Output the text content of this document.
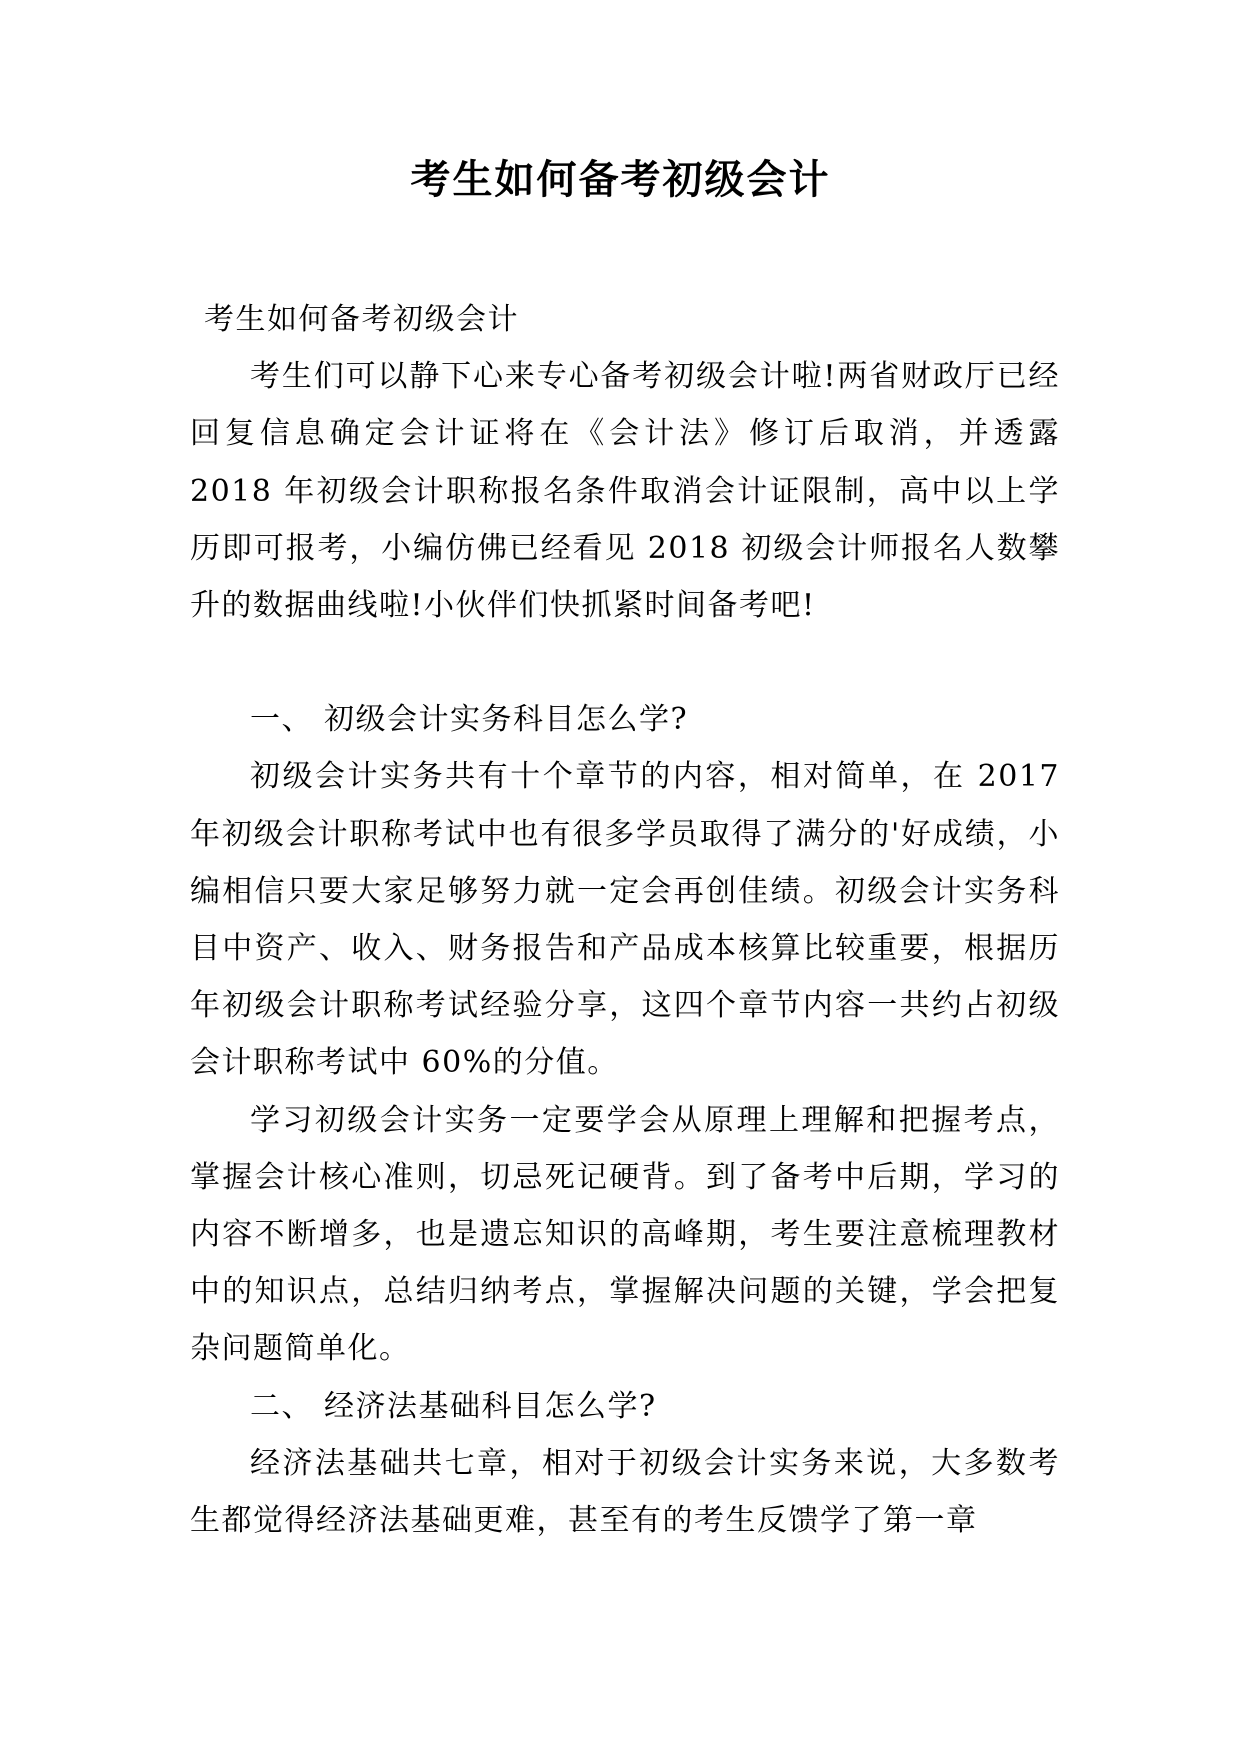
考生如何备考初级会计

考生如何备考初级会计

考生们可以静下心来专心备考初级会计啦!两省财政厅已经回复信息确定会计证将在《会计法》修订后取消，并透露 2018 年初级会计职称报名条件取消会计证限制，高中以上学历即可报考，小编仿佛已经看见 2018 初级会计师报名人数攀升的数据曲线啦!小伙伴们快抓紧时间备考吧!

一、 初级会计实务科目怎么学?

初级会计实务共有十个章节的内容，相对简单，在 2017 年初级会计职称考试中也有很多学员取得了满分的'好成绩，小编相信只要大家足够努力就一定会再创佳绩。初级会计实务科目中资产、收入、财务报告和产品成本核算比较重要，根据历年初级会计职称考试经验分享，这四个章节内容一共约占初级会计职称考试中 60%的分值。

学习初级会计实务一定要学会从原理上理解和把握考点，掌握会计核心准则，切忌死记硬背。到了备考中后期，学习的内容不断增多，也是遗忘知识的高峰期，考生要注意梳理教材中的知识点，总结归纳考点，掌握解决问题的关键，学会把复杂问题简单化。

二、 经济法基础科目怎么学?

经济法基础共七章，相对于初级会计实务来说，大多数考生都觉得经济法基础更难，甚至有的考生反馈学了第一章
